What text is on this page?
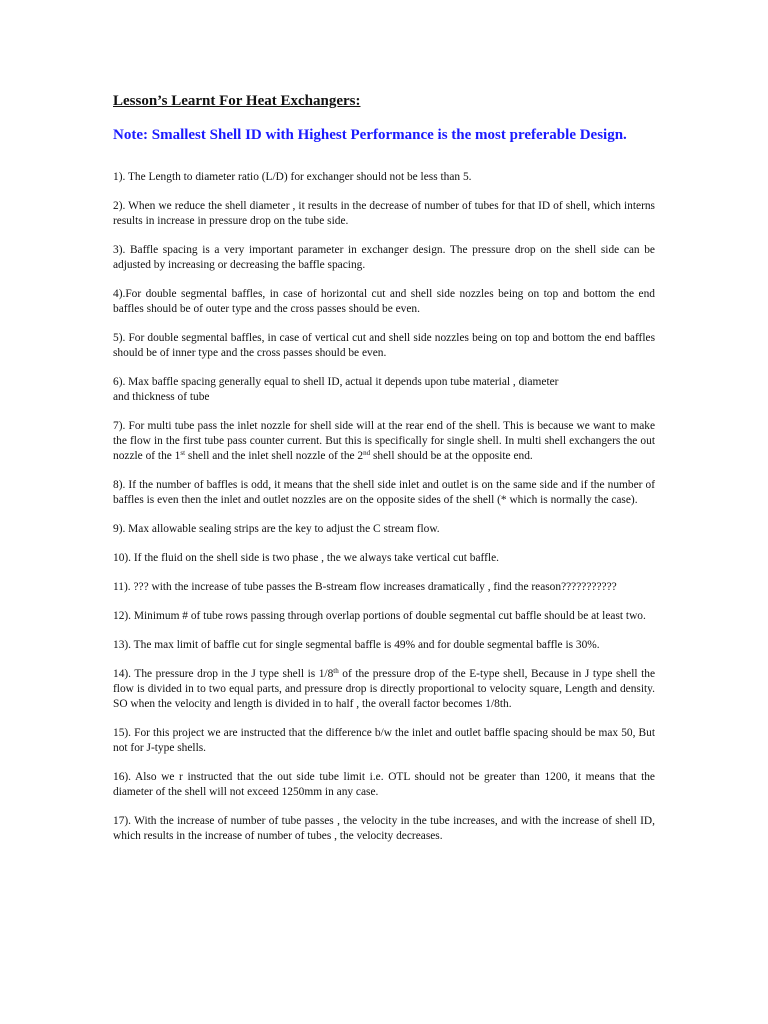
Lesson’s Learnt For Heat Exchangers:
Note: Smallest Shell ID with Highest Performance is the most preferable Design.

1). The Length to diameter ratio (L/D) for exchanger should not be less than 5.

2). When we reduce the shell diameter , it results in the decrease of number of tubes for that ID of shell, which interns results in increase in pressure drop on the tube side.

3). Baffle spacing is a very important parameter in exchanger design. The pressure drop on the shell side can be adjusted by increasing or decreasing the baffle spacing.

4).For double segmental baffles, in case of horizontal cut and shell side nozzles being on top and bottom the end baffles should be of outer type and the cross passes should be even.

5). For double segmental baffles, in case of vertical cut and shell side nozzles being on top and bottom the end baffles should be of inner type and the cross passes should be even.

6). Max baffle spacing generally equal to shell ID, actual it depends upon tube material , diameter
and thickness of tube

7). For multi tube pass the inlet nozzle for shell side will at the rear end of the shell. This is because we want to make the flow in the first tube pass counter current. But this is specifically for single shell. In multi shell exchangers the out nozzle of the 1st shell and the inlet shell nozzle of the 2nd shell should be at the opposite end.

8). If the number of baffles is odd, it means that the shell side inlet and outlet is on the same side and if the number of baffles is even then the inlet and outlet nozzles are on the opposite sides of the shell (* which is normally the case).

9). Max allowable sealing strips are the key to adjust the C stream flow.

10). If the fluid on the shell side is two phase , the we always take vertical cut baffle.

11). ??? with the increase of tube passes the B-stream flow increases dramatically , find the reason???????????

12). Minimum # of tube rows passing through overlap portions of double segmental cut baffle should be at least two.

13). The max limit of baffle cut for single segmental baffle is 49% and for double segmental baffle is 30%.

14). The pressure drop in the J type shell is 1/8th of the pressure drop of the E-type shell, Because in J type shell the flow is divided in to two equal parts, and pressure drop is directly proportional to velocity square, Length and density. SO when the velocity and length is divided in to half , the overall factor becomes 1/8th.

15). For this project we are instructed that the difference b/w the inlet and outlet baffle spacing should be max 50, But not for J-type shells.

16). Also we r instructed that the out side tube limit i.e. OTL should not be greater than 1200, it means that the diameter of the shell will not exceed 1250mm in any case.

17). With the increase of number of tube passes , the velocity in the tube increases, and with the increase of shell ID, which results in the increase of number of tubes , the velocity decreases.
